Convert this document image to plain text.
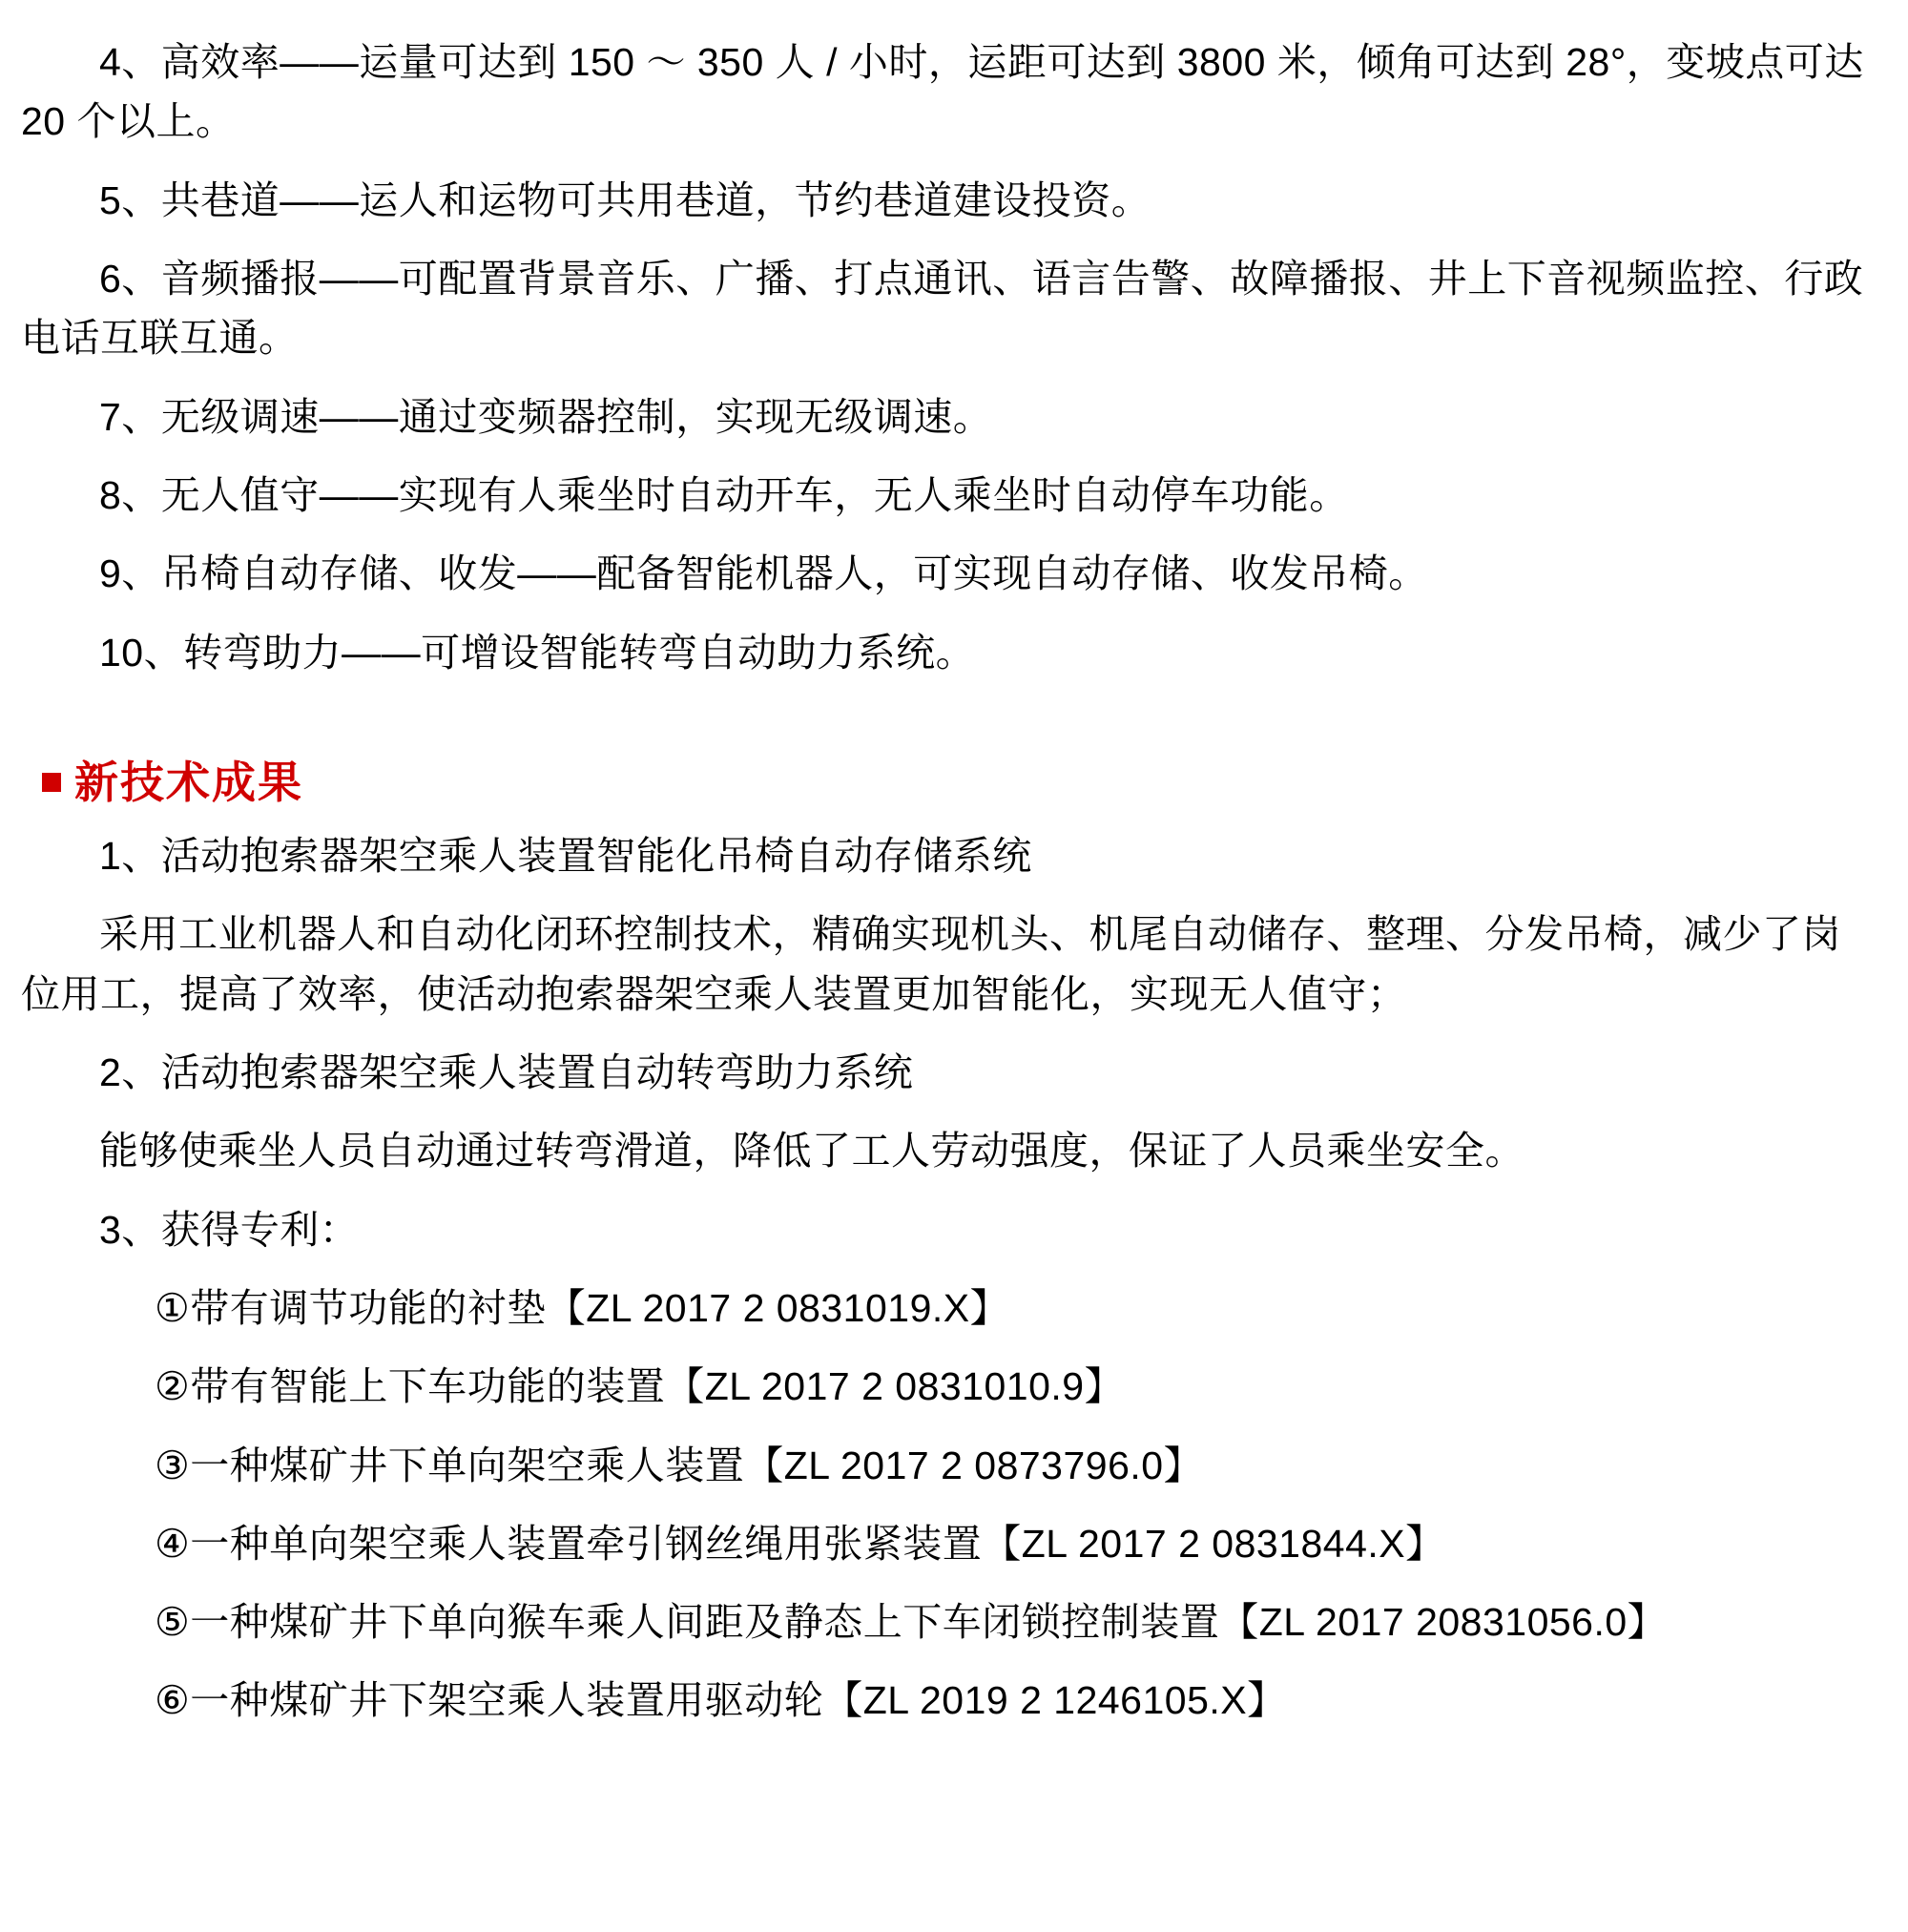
4、高效率——运量可达到 150 ～ 350 人 / 小时，运距可达到 3800 米，倾角可达到 28°，变坡点可达 20 个以上。

5、共巷道——运人和运物可共用巷道，节约巷道建设投资。

6、音频播报——可配置背景音乐、广播、打点通讯、语言告警、故障播报、井上下音视频监控、行政电话互联互通。

7、无级调速——通过变频器控制，实现无级调速。

8、无人值守——实现有人乘坐时自动开车，无人乘坐时自动停车功能。

9、吊椅自动存储、收发——配备智能机器人，可实现自动存储、收发吊椅。

10、转弯助力——可增设智能转弯自动助力系统。

新技术成果

1、活动抱索器架空乘人装置智能化吊椅自动存储系统

采用工业机器人和自动化闭环控制技术，精确实现机头、机尾自动储存、整理、分发吊椅，减少了岗位用工，提高了效率，使活动抱索器架空乘人装置更加智能化，实现无人值守；

2、活动抱索器架空乘人装置自动转弯助力系统

能够使乘坐人员自动通过转弯滑道，降低了工人劳动强度，保证了人员乘坐安全。

3、获得专利：

①带有调节功能的衬垫【ZL 2017 2 0831019.X】

②带有智能上下车功能的装置【ZL 2017 2 0831010.9】

③一种煤矿井下单向架空乘人装置【ZL 2017 2 0873796.0】

④一种单向架空乘人装置牵引钢丝绳用张紧装置【ZL 2017 2 0831844.X】

⑤一种煤矿井下单向猴车乘人间距及静态上下车闭锁控制装置【ZL 2017 20831056.0】

⑥一种煤矿井下架空乘人装置用驱动轮【ZL 2019 2 1246105.X】
